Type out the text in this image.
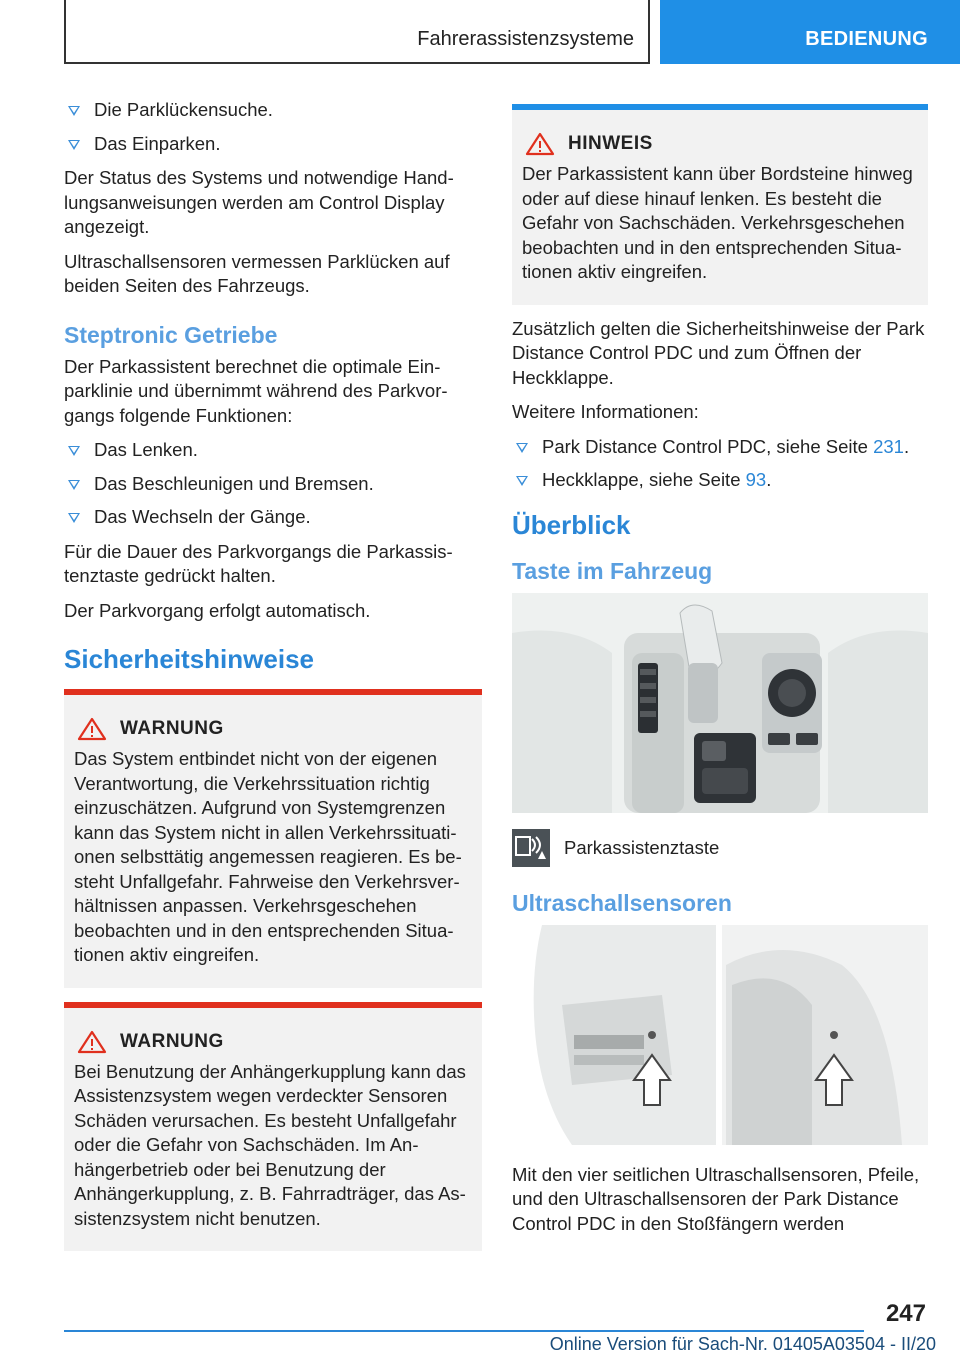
Fahrerassistenzsysteme	BEDIENUNG
Die Parklückensuche.
Das Einparken.

Der Status des Systems und notwendige Handlungsanweisungen werden am Control Display angezeigt.

Ultraschallsensoren vermessen Parklücken auf beiden Seiten des Fahrzeugs.

Steptronic Getriebe

Der Parkassistent berechnet die optimale Einparklinie und übernimmt während des Parkvorgangs folgende Funktionen:

Das Lenken.
Das Beschleunigen und Bremsen.
Das Wechseln der Gänge.

Für die Dauer des Parkvorgangs die Parkassistenztaste gedrückt halten.

Der Parkvorgang erfolgt automatisch.

Sicherheitshinweise
WARNUNG

Das System entbindet nicht von der eigenen Verantwortung, die Verkehrssituation richtig einzuschätzen. Aufgrund von Systemgrenzen kann das System nicht in allen Verkehrssituationen selbsttätig angemessen reagieren. Es besteht Unfallgefahr. Fahrweise den Verkehrsverhältnissen anpassen. Verkehrsgeschehen beobachten und in den entsprechenden Situationen aktiv eingreifen.

WARNUNG

Bei Benutzung der Anhängerkupplung kann das Assistenzsystem wegen verdeckter Sensoren Schäden verursachen. Es besteht Unfallgefahr oder die Gefahr von Sachschäden. Im Anhängerbetrieb oder bei Benutzung der Anhängerkupplung, z. B. Fahrradträger, das Assistenzsystem nicht benutzen.

HINWEIS

Der Parkassistent kann über Bordsteine hinweg oder auf diese hinauf lenken. Es besteht die Gefahr von Sachschäden. Verkehrsgeschehen beobachten und in den entsprechenden Situationen aktiv eingreifen.

Zusätzlich gelten die Sicherheitshinweise der Park Distance Control PDC und zum Öffnen der Heckklappe.

Weitere Informationen:

Park Distance Control PDC, siehe Seite 231.
Heckklappe, siehe Seite 93.
Überblick
Taste im Fahrzeug
Parkassistenztaste
Ultraschallsensoren

Mit den vier seitlichen Ultraschallsensoren, Pfeile, und den Ultraschallsensoren der Park Distance Control PDC in den Stoßfängern werden

247
Online Version für Sach-Nr. 01405A03504 - II/20
